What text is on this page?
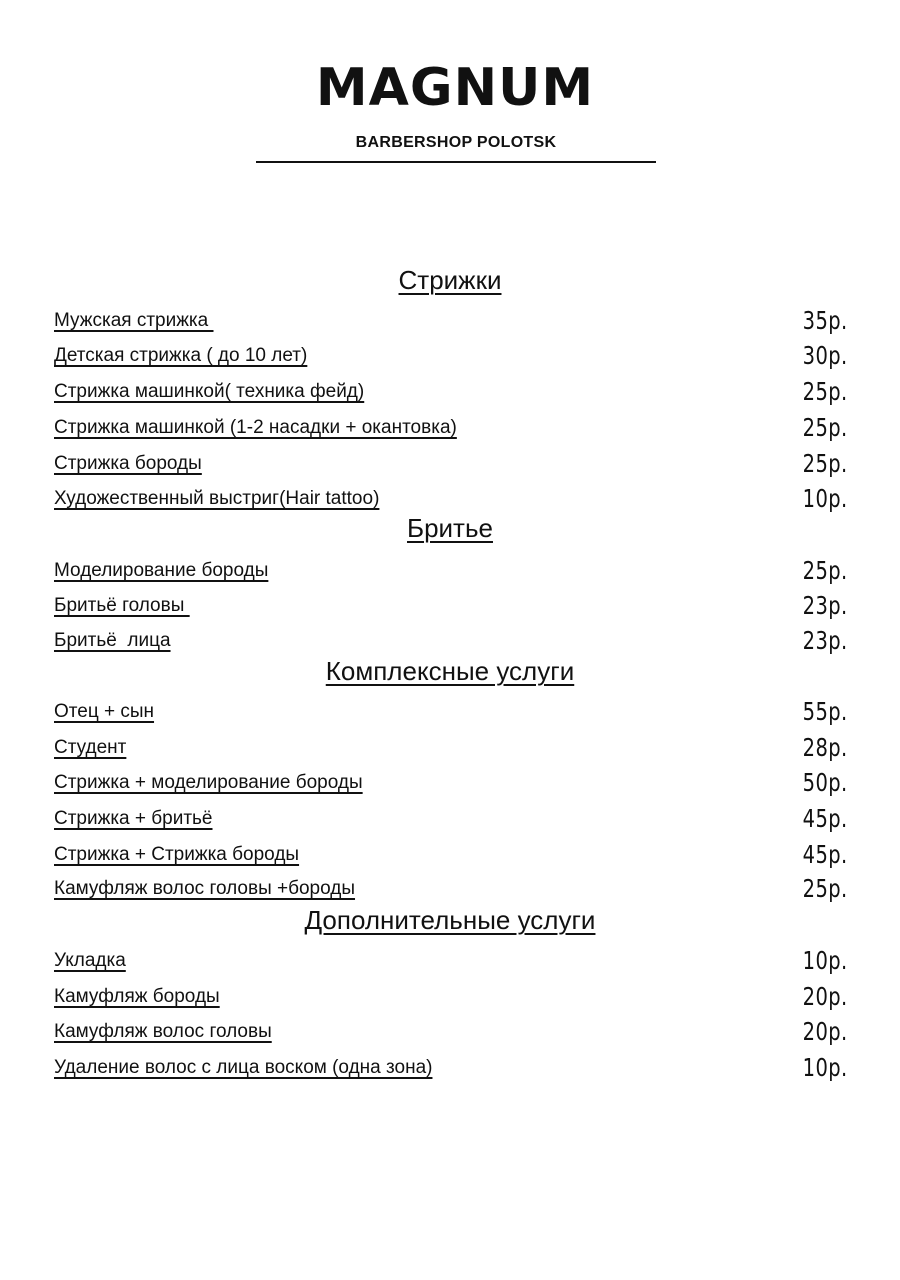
MAGNUM
BARBERSHOP POLOTSK
Стрижки
Мужская стрижка	35р.
Детская стрижка ( до 10 лет)	30р.
Стрижка машинкой( техника фейд)	25р.
Стрижка машинкой (1-2 насадки + окантовка)	25р.
Стрижка бороды	25р.
Художественный выстриг(Hair tattoo)	10р.
Бритье
Моделирование бороды	25р.
Бритьё головы	23р.
Бритьё  лица	23р.
Комплексные услуги
Отец + сын	55р.
Студент	28р.
Стрижка + моделирование бороды	50р.
Стрижка + бритьё	45р.
Стрижка + Стрижка бороды	45р.
Камуфляж волос головы +бороды	25р.
Дополнительные услуги
Укладка	10р.
Камуфляж бороды	20р.
Камуфляж волос головы	20р.
Удаление волос с лица воском (одна зона)	10р.
